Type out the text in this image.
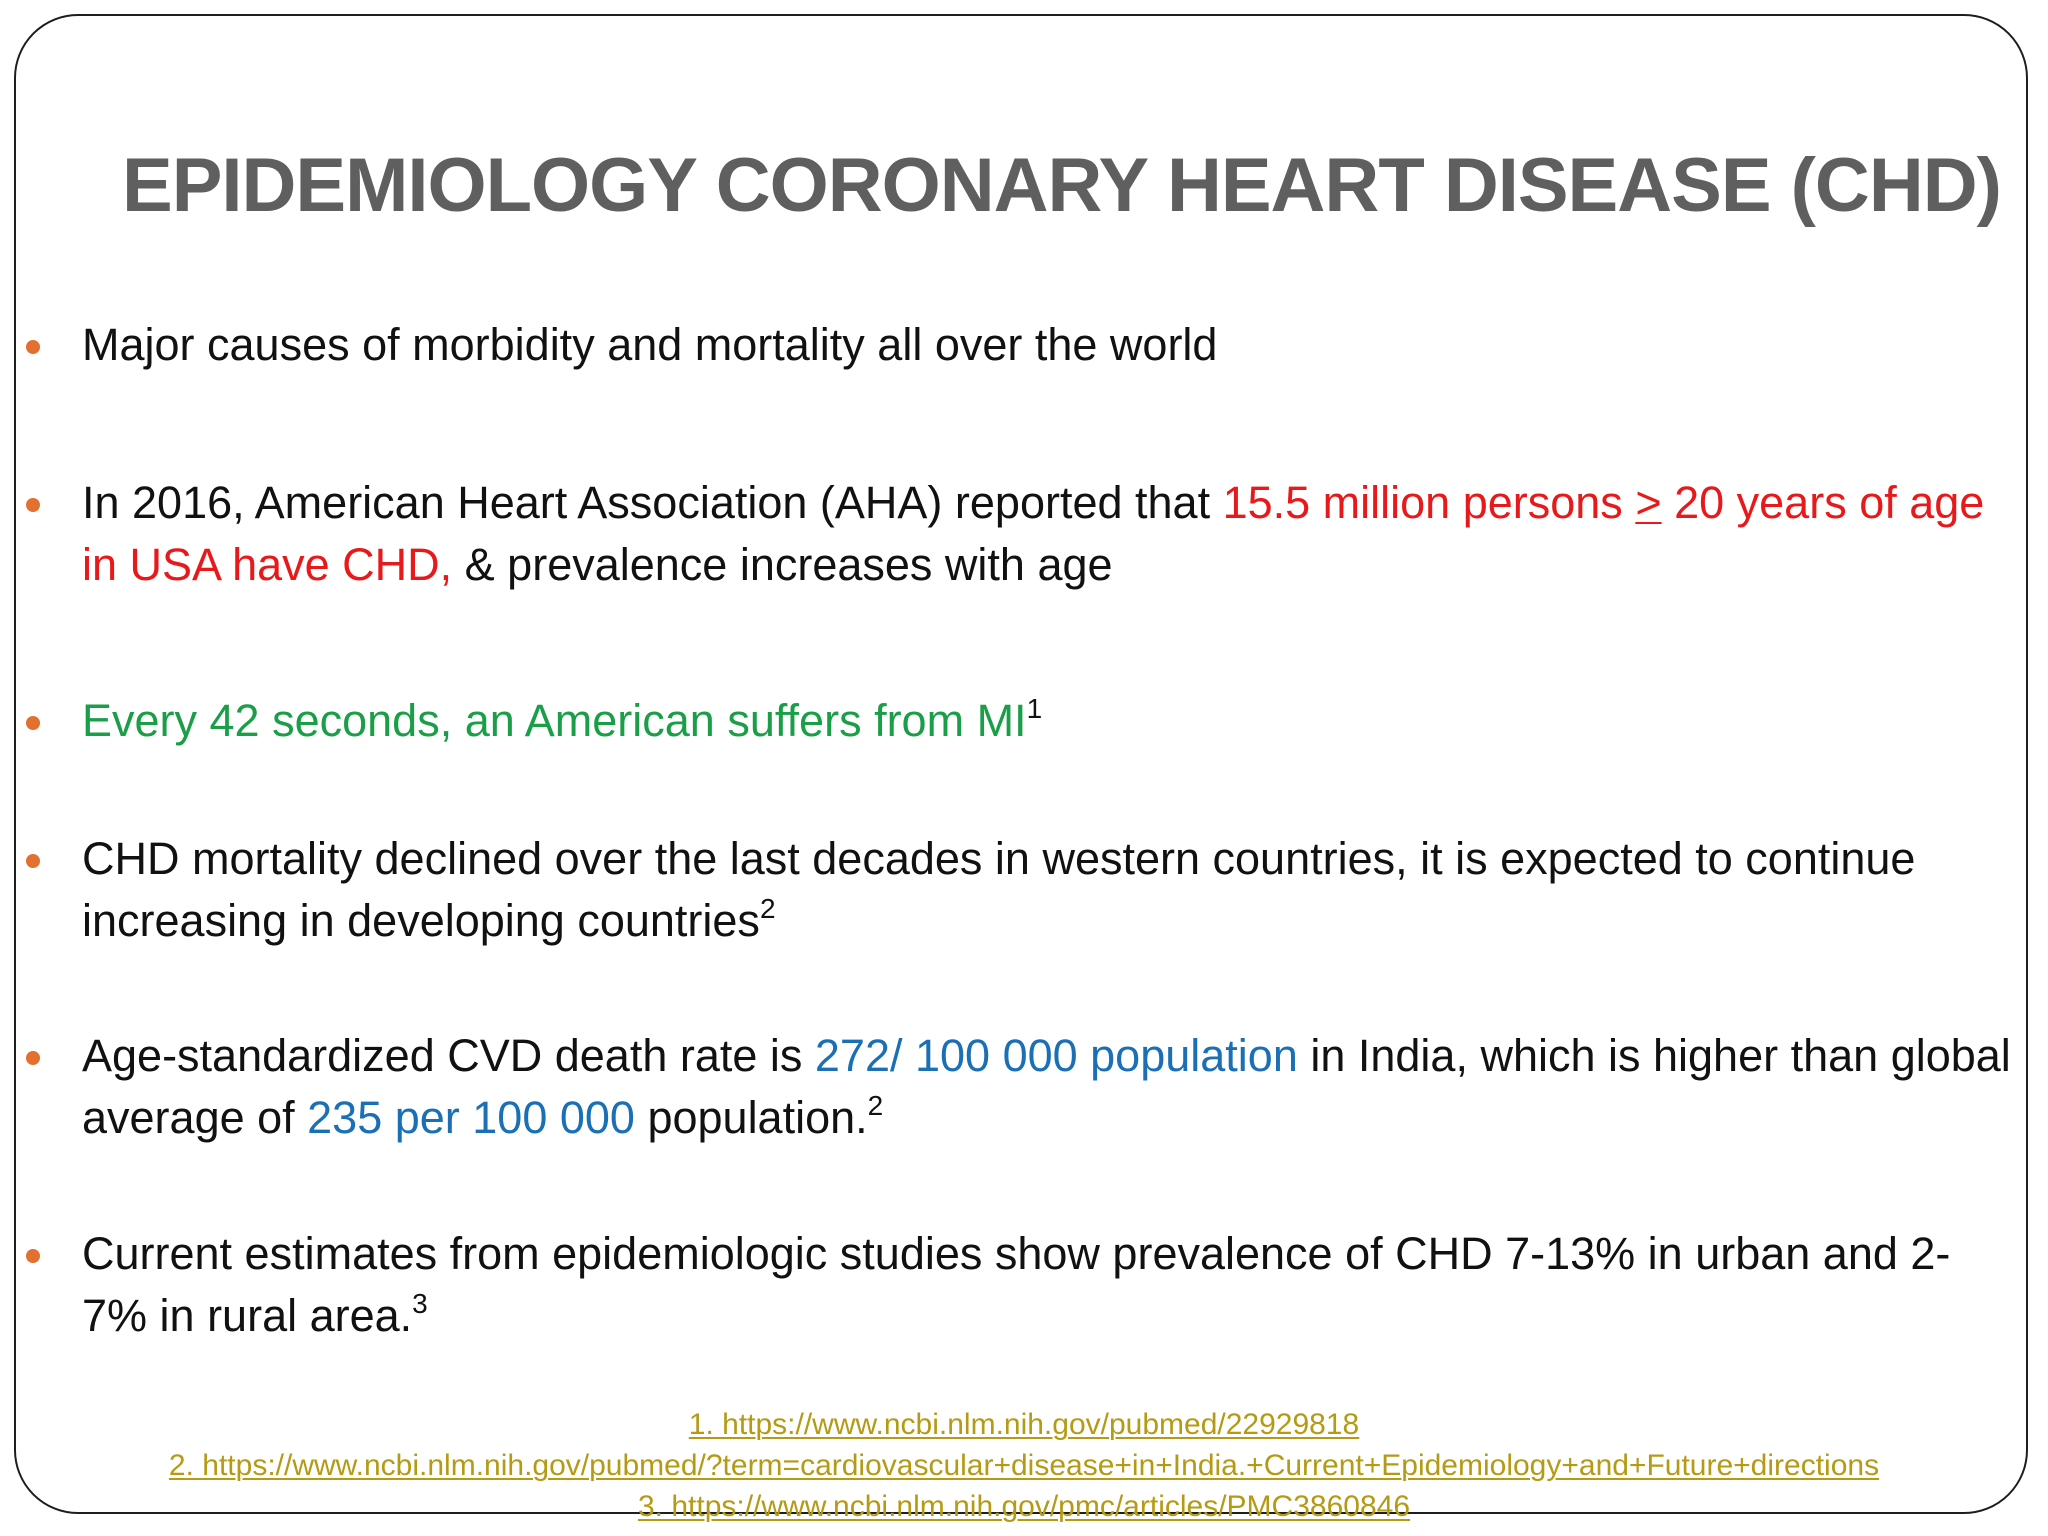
EPIDEMIOLOGY CORONARY HEART DISEASE (CHD)
Major causes of morbidity and mortality all over the world
In 2016, American Heart Association (AHA) reported that 15.5 million persons ≥ 20 years of age in USA have CHD, & prevalence increases with age
Every 42 seconds, an American suffers from $MI^1$
CHD mortality declined over the last decades in western countries, it is expected to continue increasing in developing countries$^2$
Age-standardized CVD death rate is 272/ 100 000 population in India, which is higher than global average of 235 per 100 000 population.$^2$
Current estimates from epidemiologic studies show prevalence of CHD 7-13% in urban and 2-7% in rural area.$^3$
1. https://www.ncbi.nlm.nih.gov/pubmed/22929818
2. https://www.ncbi.nlm.nih.gov/pubmed/?term=cardiovascular+disease+in+India.+Current+Epidemiology+and+Future+directions
3. https://www.ncbi.nlm.nih.gov/pmc/articles/PMC3860846
